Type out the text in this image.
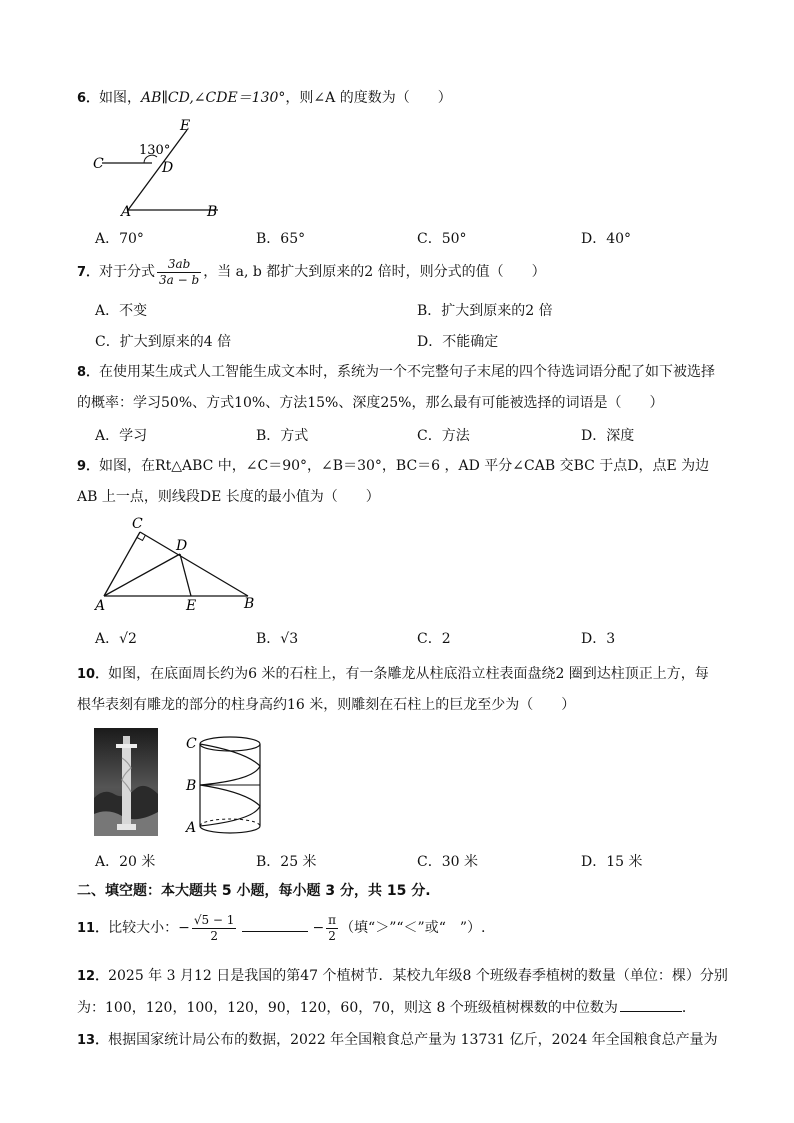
6．如图，AB∥CD,∠CDE＝130°，则∠A 的度数为（　　）
130°
E
C	D
A	B
A．70°	B．65°	C．50°	D．40°
7．对于分式 $\frac{3ab}{3a - b}$ ，当 a, b 都扩大到原来的2 倍时，则分式的值（　　）
A．不变	B．扩大到原来的2 倍
C．扩大到原来的4 倍	D．不能确定
8．在使用某生成式人工智能生成文本时，系统为一个不完整句子末尾的四个待选词语分配了如下被选择
的概率：学习50%、方式10%、方法15%、深度25%，那么最有可能被选择的词语是（　　）
A．学习	B．方式	C．方法	D．深度
9．如图，在Rt△ABC 中，∠C＝90°，∠B＝30°，BC＝6 ，AD 平分∠CAB 交BC 于点D，点E 为边
AB 上一点，则线段DE 长度的最小值为（　　）
C
D
A	E	B
A．√2	B．√3	C．2	D．3
10．如图，在底面周长约为6 米的石柱上，有一条雕龙从柱底沿立柱表面盘绕2 圈到达柱顶正上方，每
根华表刻有雕龙的部分的柱身高约16 米，则雕刻在石柱上的巨龙至少为（　　）
C
B
A
A．20 米	B．25 米	C．30 米	D．15 米
二、填空题：本大题共 5 小题，每小题 3 分，共 15 分.
11．比较大小：− $\frac{√5 - 1}{2}$	− $\frac{\pi}{2}$ （填“＞”“＜”或“　”）.
12．2025 年 3 月12 日是我国的第47 个植树节．某校九年级8 个班级春季植树的数量（单位：棵）分别
为：100，120，100，120，90，120，60，70，则这 8 个班级植树棵数的中位数为	．
13．根据国家统计局公布的数据，2022 年全国粮食总产量为 13731 亿斤，2024 年全国粮食总产量为
